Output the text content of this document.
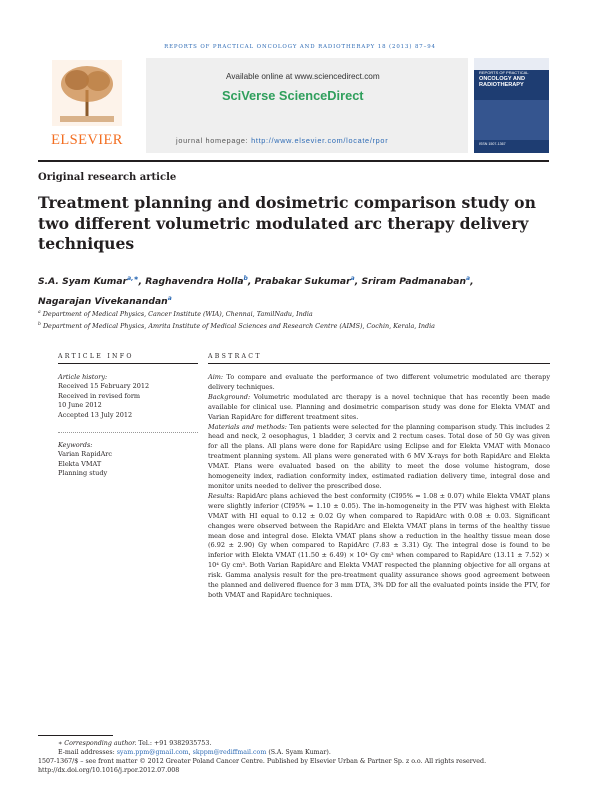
REPORTS OF PRACTICAL ONCOLOGY AND RADIOTHERAPY 18 (2013) 87–94
ELSEVIER
Available online at www.sciencedirect.com
SciVerse ScienceDirect
journal homepage: http://www.elsevier.com/locate/rpor
REPORTS OF PRACTICAL
ONCOLOGY AND RADIOTHERAPY
ISSN 1507-1367
Original research article
Treatment planning and dosimetric comparison study on two different volumetric modulated arc therapy delivery techniques
S.A. Syam Kumar$^{a,∗}$, Raghavendra Holla$^b$, Prabakar Sukumar$^a$, Sriram Padmanaban$^a$,
Nagarajan Vivekanandan$^a$
$^a$ Department of Medical Physics, Cancer Institute (WIA), Chennai, TamilNadu, India
$^b$ Department of Medical Physics, Amrita Institute of Medical Sciences and Research Centre (AIMS), Cochin, Kerala, India
ARTICLE INFO	ABSTRACT
Article history:
Received 15 February 2012
Received in revised form
10 June 2012
Accepted 13 July 2012
Keywords:
Varian RapidArc
Elekta VMAT
Planning study

Aim: To compare and evaluate the performance of two different volumetric modulated arc therapy delivery techniques.

Background: Volumetric modulated arc therapy is a novel technique that has recently been made available for clinical use. Planning and dosimetric comparison study was done for Elekta VMAT and Varian RapidArc for different treatment sites.

Materials and methods: Ten patients were selected for the planning comparison study. This includes 2 head and neck, 2 oesophagus, 1 bladder, 3 cervix and 2 rectum cases. Total dose of 50 Gy was given for all the plans. All plans were done for RapidArc using Eclipse and for Elekta VMAT with Monaco treatment planning system. All plans were generated with 6 MV X-rays for both RapidArc and Elekta VMAT. Plans were evaluated based on the ability to meet the dose volume histogram, dose homogeneity index, radiation conformity index, estimated radiation delivery time, integral dose and monitor units needed to deliver the prescribed dose.

Results: RapidArc plans achieved the best conformity (CI95% = 1.08 ± 0.07) while Elekta VMAT plans were slightly inferior (CI95% = 1.10 ± 0.05). The in-homogeneity in the PTV was highest with Elekta VMAT with HI equal to 0.12 ± 0.02 Gy when compared to RapidArc with 0.08 ± 0.03. Significant changes were observed between the RapidArc and Elekta VMAT plans in terms of the healthy tissue mean dose and integral dose. Elekta VMAT plans show a reduction in the healthy tissue mean dose (6.92 ± 2.90) Gy when compared to RapidArc (7.83 ± 3.31) Gy. The integral dose is found to be inferior with Elekta VMAT (11.50 ± 6.49) × 10⁴ Gy cm³ when compared to RapidArc (13.11 ± 7.52) × 10⁴ Gy cm³. Both Varian RapidArc and Elekta VMAT respected the planning objective for all organs at risk. Gamma analysis result for the pre-treatment quality assurance shows good agreement between the planned and delivered fluence for 3 mm DTA, 3% DD for all the evaluated points inside the PTV, for both VMAT and RapidArc techniques.

∗ Corresponding author. Tel.: +91 9382935753.
E-mail addresses: syam.ppm@gmail.com, skppm@rediffmail.com (S.A. Syam Kumar).
1507-1367/$ – see front matter © 2012 Greater Poland Cancer Centre. Published by Elsevier Urban & Partner Sp. z o.o. All rights reserved.
http://dx.doi.org/10.1016/j.rpor.2012.07.008
